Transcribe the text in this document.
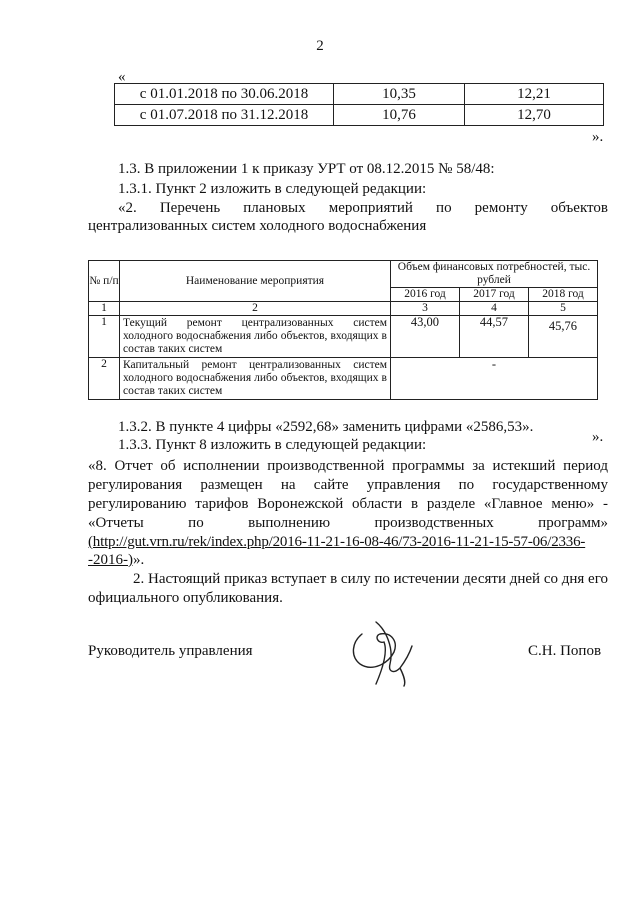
2
«
с 01.01.2018 по 30.06.2018	10,35	12,21
с 01.07.2018 по 31.12.2018	10,76	12,70
».
1.3. В приложении 1 к приказу УРТ от 08.12.2015 № 58/48:
1.3.1. Пункт 2 изложить в следующей редакции:
«2. Перечень плановых мероприятий по ремонту объектов
централизованных систем холодного водоснабжения
№ п/п	Наименование мероприятия	Объем финансовых потребностей, тыс. рублей		
		2016 год	2017 год	2018 год
1	2	3	4	5
1	Текущий ремонт централизованных систем холодного водоснабжения либо объектов, входящих в состав таких систем	43,00	44,57	45,76
2	Капитальный ремонт централизованных систем холодного водоснабжения либо объектов, входящих в состав таких систем	-		
».
1.3.2. В пункте 4 цифры «2592,68» заменить цифрами «2586,53».
1.3.3. Пункт 8 изложить в следующей редакции:
«8. Отчет об исполнении производственной программы за истекший период
регулирования размещен на сайте управления по государственному
регулированию тарифов Воронежской области в разделе «Главное меню» -
«Отчеты по выполнению производственных программ»
(http://gut.vrn.ru/rek/index.php/2016-11-21-16-08-46/73-2016-11-21-15-57-06/2336-
-2016-)».
2. Настоящий приказ вступает в силу по истечении десяти дней со дня его
официального опубликования.
Руководитель управления	С.Н. Попов
